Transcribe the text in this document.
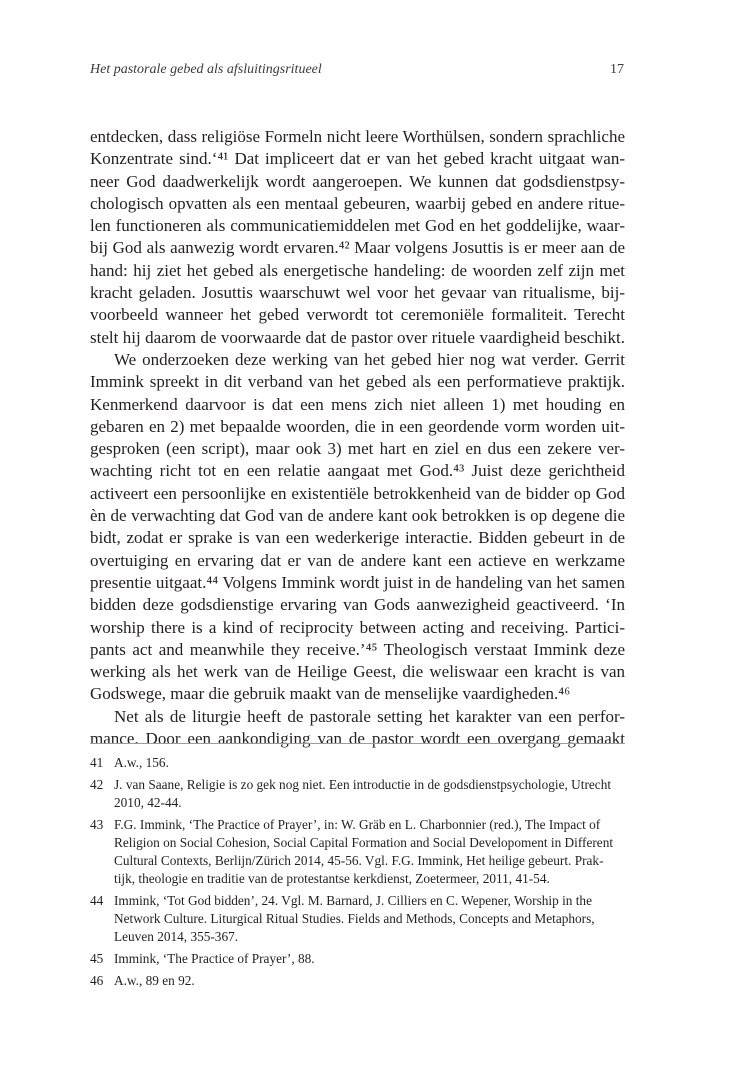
Het pastorale gebed als afsluitingsritueel	17
entdecken, dass religiöse Formeln nicht leere Worthülsen, sondern sprachliche
Konzentrate sind.‘⁴¹ Dat impliceert dat er van het gebed kracht uitgaat wan-
neer God daadwerkelijk wordt aangeroepen. We kunnen dat godsdienstpsy-
chologisch opvatten als een mentaal gebeuren, waarbij gebed en andere ritue-
len functioneren als communicatiemiddelen met God en het goddelijke, waar-
bij God als aanwezig wordt ervaren.⁴² Maar volgens Josuttis is er meer aan de
hand: hij ziet het gebed als energetische handeling: de woorden zelf zijn met
kracht geladen. Josuttis waarschuwt wel voor het gevaar van ritualisme, bij-
voorbeeld wanneer het gebed verwordt tot ceremoniële formaliteit. Terecht
stelt hij daarom de voorwaarde dat de pastor over rituele vaardigheid beschikt.
We onderzoeken deze werking van het gebed hier nog wat verder. Gerrit
Immink spreekt in dit verband van het gebed als een performatieve praktijk.
Kenmerkend daarvoor is dat een mens zich niet alleen 1) met houding en
gebaren en 2) met bepaalde woorden, die in een geordende vorm worden uit-
gesproken (een script), maar ook 3) met hart en ziel en dus een zekere ver-
wachting richt tot en een relatie aangaat met God.⁴³ Juist deze gerichtheid
activeert een persoonlijke en existentiële betrokkenheid van de bidder op God
èn de verwachting dat God van de andere kant ook betrokken is op degene die
bidt, zodat er sprake is van een wederkerige interactie. Bidden gebeurt in de
overtuiging en ervaring dat er van de andere kant een actieve en werkzame
presentie uitgaat.⁴⁴ Volgens Immink wordt juist in de handeling van het samen
bidden deze godsdienstige ervaring van Gods aanwezigheid geactiveerd. ‘In
worship there is a kind of reciprocity between acting and receiving. Partici-
pants act and meanwhile they receive.’⁴⁵ Theologisch verstaat Immink deze
werking als het werk van de Heilige Geest, die weliswaar een kracht is van
Godswege, maar die gebruik maakt van de menselijke vaardigheden.⁴⁶
Net als de liturgie heeft de pastorale setting het karakter van een perfor-
mance. Door een aankondiging van de pastor wordt een overgang gemaakt
41 A.w., 156.
42 J. van Saane, Religie is zo gek nog niet. Een introductie in de godsdienstpsychologie, Utrecht
2010, 42-44.
43 F.G. Immink, ‘The Practice of Prayer’, in: W. Gräb en L. Charbonnier (red.), The Impact of
Religion on Social Cohesion, Social Capital Formation and Social Developoment in Different
Cultural Contexts, Berlijn/Zürich 2014, 45-56. Vgl. F.G. Immink, Het heilige gebeurt. Prak-
tijk, theologie en traditie van de protestantse kerkdienst, Zoetermeer, 2011, 41-54.
44 Immink, ‘Tot God bidden’, 24. Vgl. M. Barnard, J. Cilliers en C. Wepener, Worship in the
Network Culture. Liturgical Ritual Studies. Fields and Methods, Concepts and Metaphors,
Leuven 2014, 355-367.
45 Immink, ‘The Practice of Prayer’, 88.
46 A.w., 89 en 92.
